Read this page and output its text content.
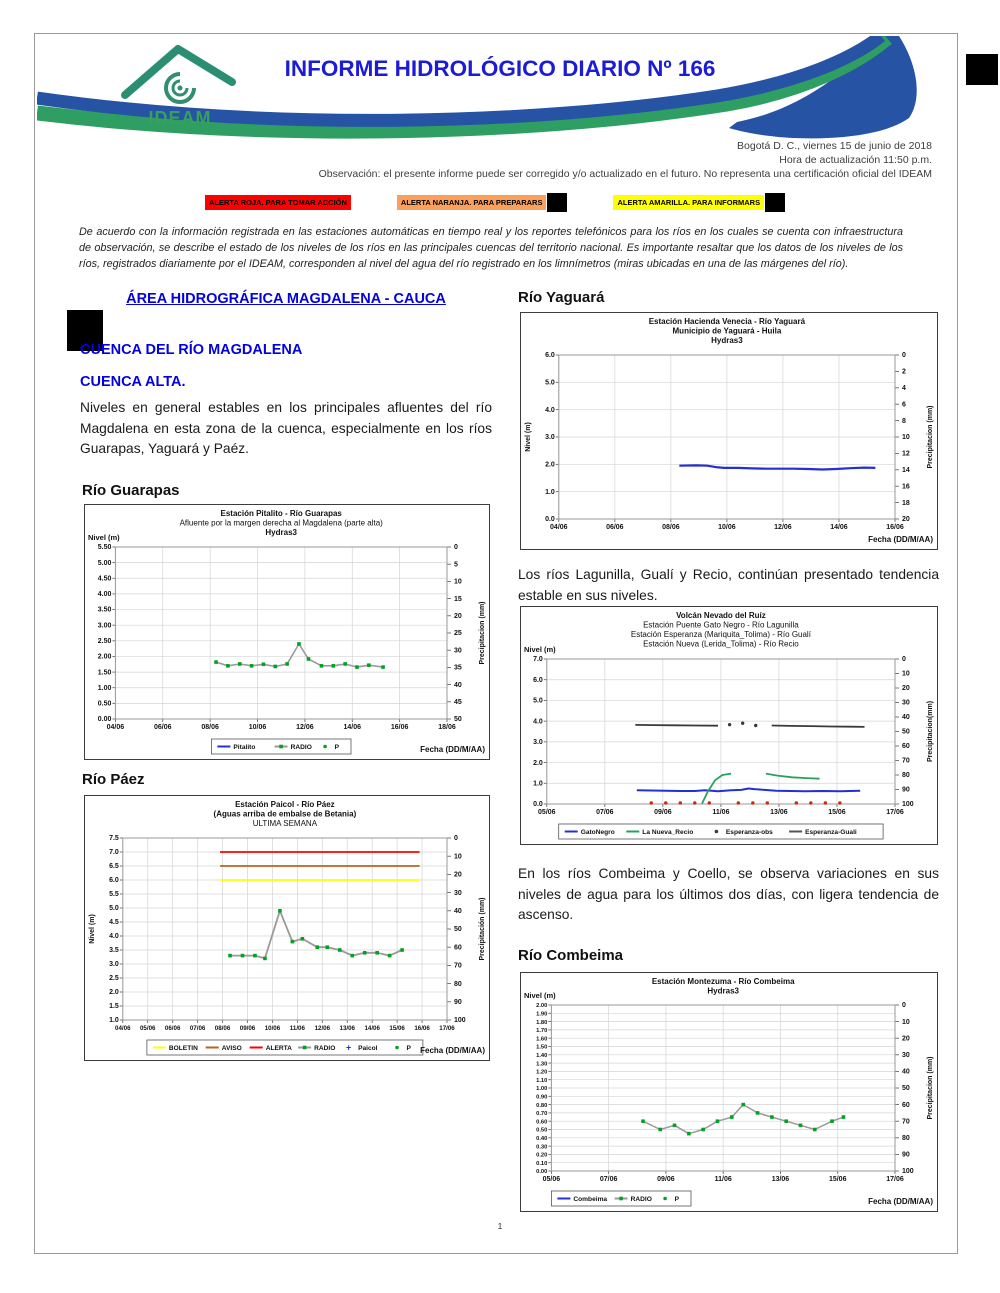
IDEAM
INFORME HIDROLÓGICO DIARIO Nº 166
Bogotá D. C., viernes 15 de junio de 2018
Hora de actualización 11:50 p.m.
Observación: el presente informe puede ser corregido y/o actualizado en el futuro. No representa una certificación oficial del IDEAM
ALERTA ROJA. PARA TOMAR ACCIÓN	ALERTA NARANJA. PARA PREPARARS	ALERTA AMARILLA. PARA INFORMARS
De acuerdo con la información registrada en las estaciones automáticas en tiempo real y los reportes telefónicos para los ríos en los cuales se cuenta con infraestructura de observación, se describe el estado de los niveles de los ríos en las principales cuencas del territorio nacional. Es importante resaltar que los datos de los niveles de los ríos, registrados diariamente por el IDEAM, corresponden al nivel del agua del río registrado en los limnímetros (miras ubicadas en una de las márgenes del río).
ÁREA HIDROGRÁFICA MAGDALENA - CAUCA
CUENCA DEL RÍO MAGDALENA
CUENCA ALTA.
Niveles en general estables en los principales afluentes del río Magdalena en esta zona de la cuenca, especialmente en los ríos Guarapas, Yaguará y Paéz.
Río Guarapas
Estación Pitalito - Río Guarapas
Afluente por la margen derecha al Magdalena (parte alta)
Hydras3
0.00
0.50
1.00
1.50
2.00
2.50
3.00
3.50
4.00
4.50
5.00
5.50
04/06	06/06	08/06	10/06	12/06	14/06	16/06	18/06
0
5
10
15
20
25
30
35
40
45
50
Nivel (m)
Precipitacion (mm)
Pitalito	RADIO	P	Fecha (DD/M/AA)
Río Páez
Estación Paicol - Río Páez
(Aguas arriba de embalse de Betania)
ULTIMA SEMANA
1.0
1.5
2.0
2.5
3.0
3.5
4.0
4.5
5.0
5.5
6.0
6.5
7.0
7.5
04/06 05/06 06/06 07/06 08/06 09/06 10/06 11/06 12/06 13/06 14/06 15/06 16/06 17/06
0
10
20
30
40
50
60
70
80
90
100
Nivel (m)	Precipitación (mm)
BOLETIN	AVISO	ALERTA	RADIO + Paicol	P Fecha (DD/M/AA)
Río Yaguará
Estación Hacienda Venecia - Río Yaguará
Municipio de Yaguará - Huila
Hydras3
0.0
1.0
2.0
3.0
4.0
5.0
6.0
04/06	06/06	08/06	10/06	12/06	14/06	16/06
0
2
4
6
8
10
12
14
16
18
20
Nivel (m)	Precipitacion (mm)
Fecha (DD/M/AA)
Los ríos Lagunilla, Gualí y Recio, continúan presentado tendencia estable en sus niveles.
Volcán Nevado del Ruíz
Estación Puente Gato Negro - Río Lagunilla
Estación Esperanza (Mariquita_Tolima) - Río Gualí
Estación Nueva (Lerida_Tolima) - Río Recio
0.0
1.0
2.0
3.0
4.0
5.0
6.0
7.0
05/06	07/06	09/06	11/06	13/06	15/06	17/06
0
10
20
30
40
50
60
70
80
90
100
Nivel (m)
Precipitacion(mm)
GatoNegro	La Nueva_Recio	Esperanza-obs	Esperanza-Guali
En los ríos Combeima y Coello, se observa variaciones en sus niveles de agua para los últimos dos días, con ligera tendencia de ascenso.
Río Combeima
Estación Montezuma - Río Combeima
Hydras3
0.00
0.10
0.20
0.30
0.40
0.50
0.60
0.70
0.80
0.90
1.00
1.10
1.20
1.30
1.40
1.50
1.60
1.70
1.80
1.90
2.00
05/06	07/06	09/06	11/06	13/06	15/06	17/06
0
10
20
30
40
50
60
70
80
90
100
Nivel (m)
Precipitacion (mm)
Combeima	RADIO	P	Fecha (DD/M/AA)
1
